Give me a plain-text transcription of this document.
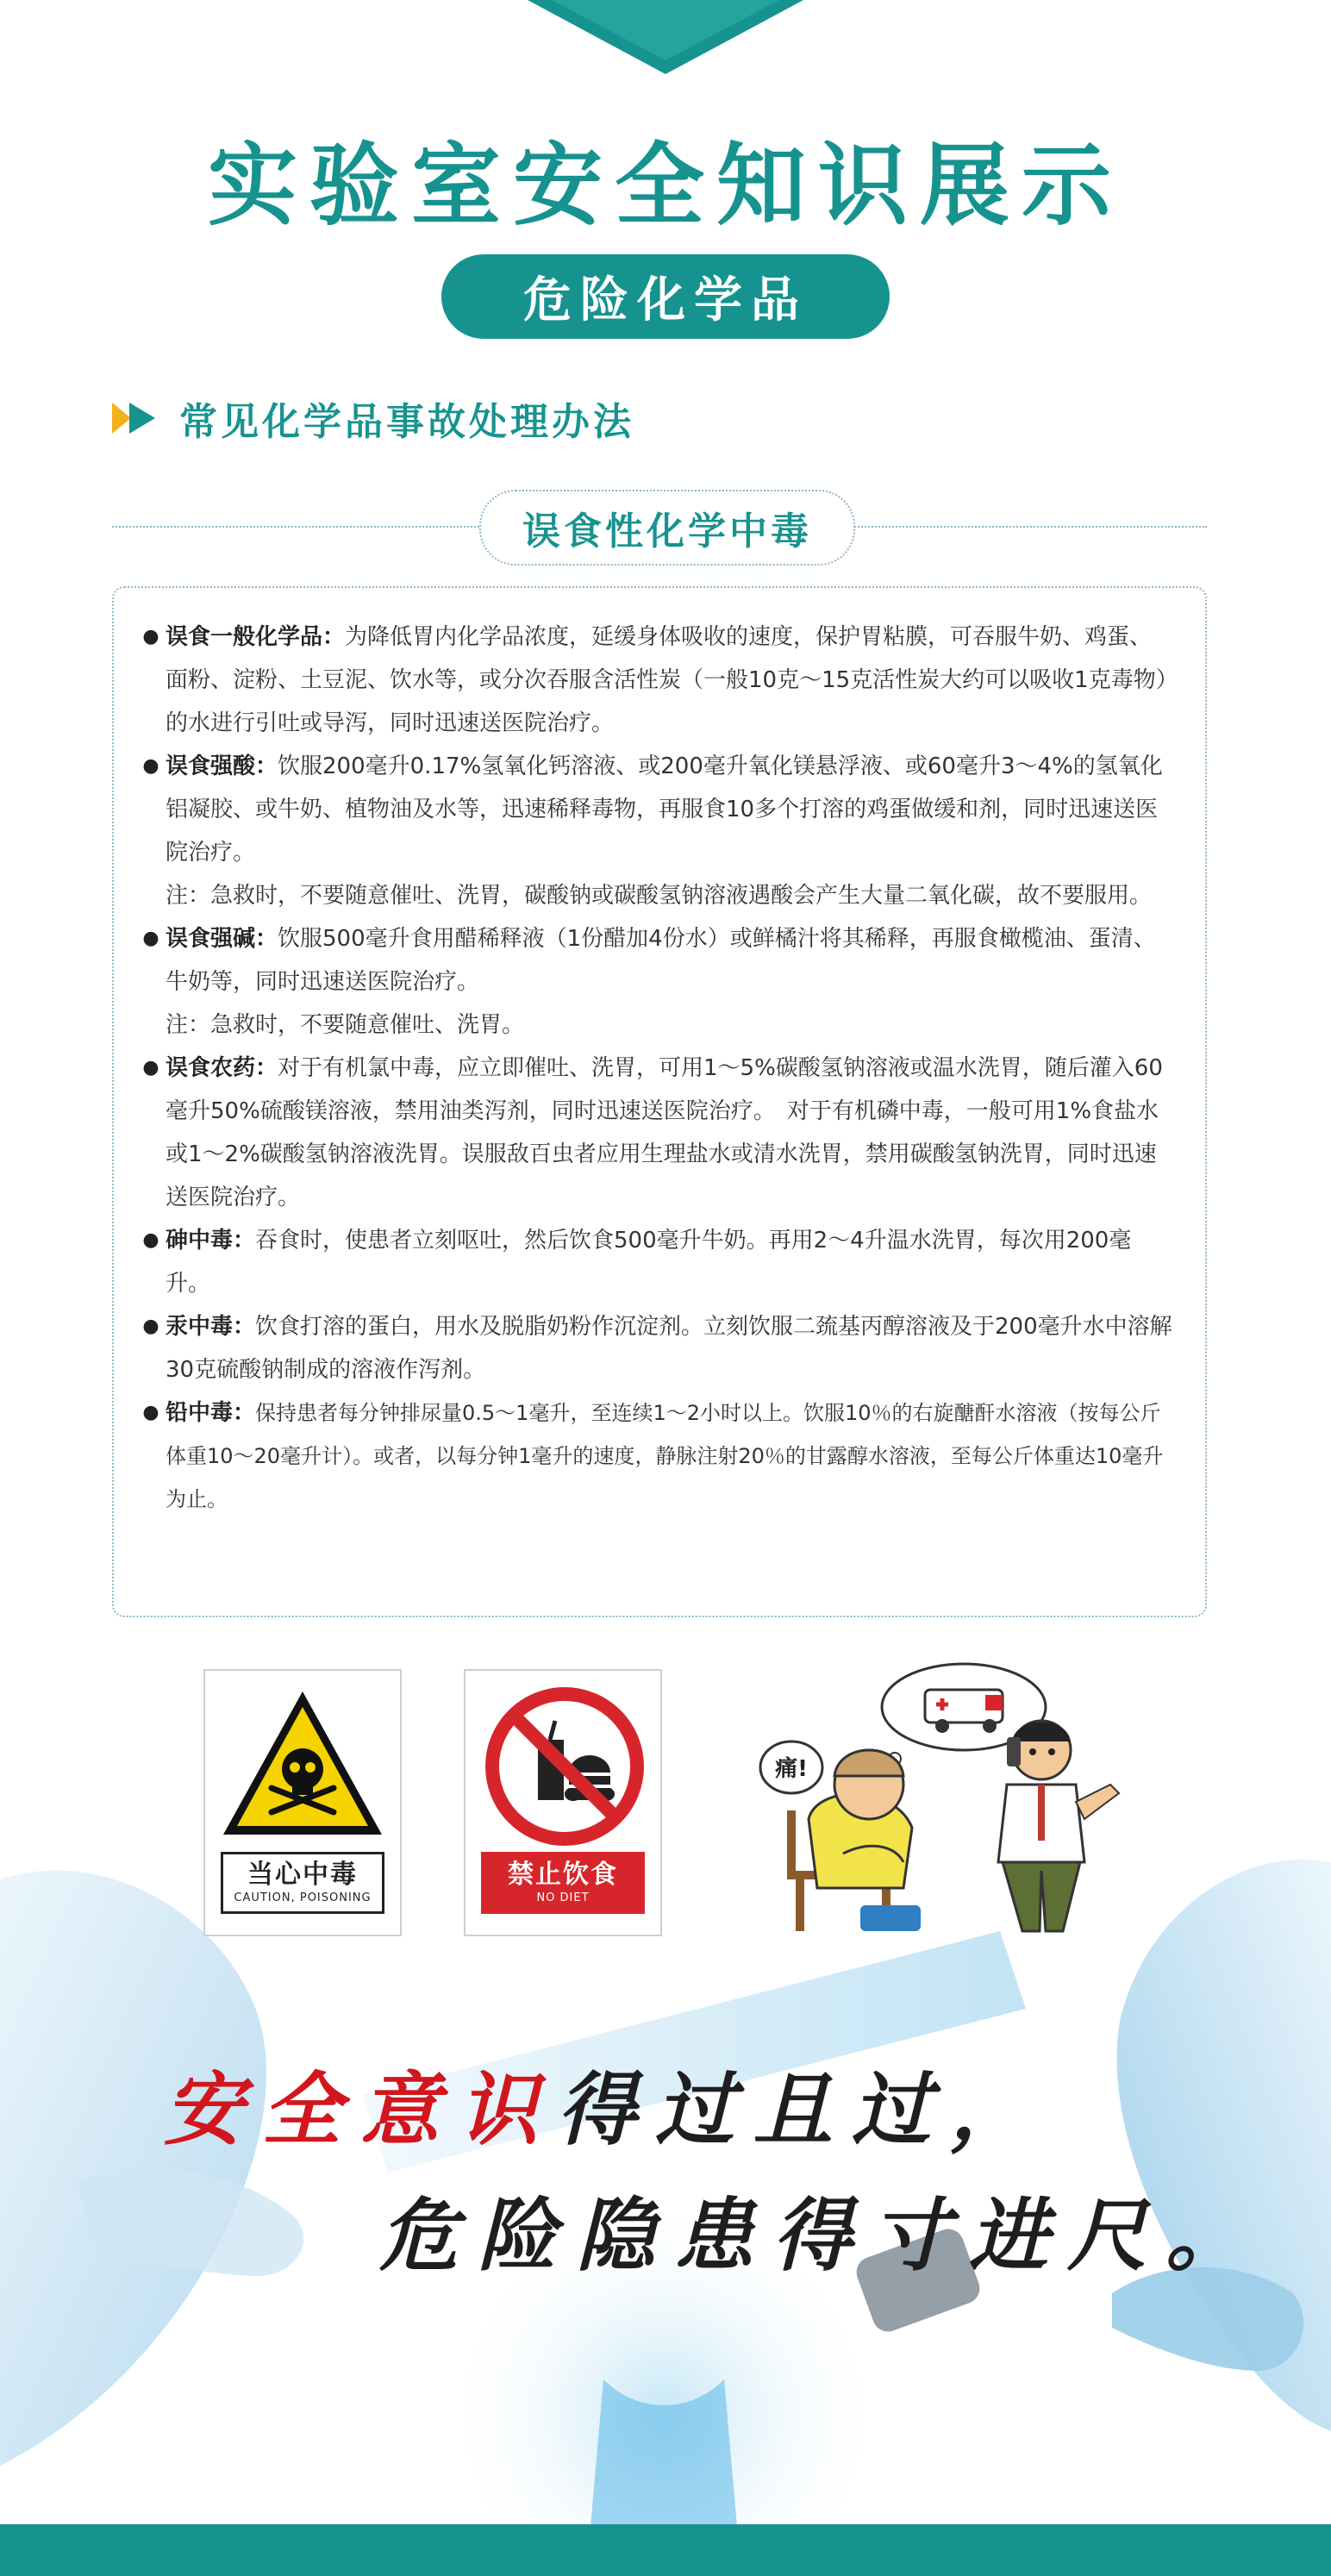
实验室安全知识展示
危险化学品
常见化学品事故处理办法
误食性化学中毒
● 误食一般化学品：为降低胃内化学品浓度，延缓身体吸收的速度，保护胃粘膜，可吞服牛奶、鸡蛋、面粉、淀粉、土豆泥、饮水等，或分次吞服含活性炭（一般10克～15克活性炭大约可以吸收1克毒物）的水进行引吐或导泻，同时迅速送医院治疗。
● 误食强酸：饮服200毫升0.17%氢氧化钙溶液、或200毫升氧化镁悬浮液、或60毫升3～4%的氢氧化铝凝胶、或牛奶、植物油及水等，迅速稀释毒物，再服食10多个打溶的鸡蛋做缓和剂，同时迅速送医院治疗。
注：急救时，不要随意催吐、洗胃，碳酸钠或碳酸氢钠溶液遇酸会产生大量二氧化碳，故不要服用。
● 误食强碱：饮服500毫升食用醋稀释液（1份醋加4份水）或鲜橘汁将其稀释，再服食橄榄油、蛋清、牛奶等，同时迅速送医院治疗。
注：急救时，不要随意催吐、洗胃。
● 误食农药：对于有机氯中毒，应立即催吐、洗胃，可用1～5%碳酸氢钠溶液或温水洗胃，随后灌入60毫升50%硫酸镁溶液，禁用油类泻剂，同时迅速送医院治疗。　对于有机磷中毒，一般可用1%食盐水或1～2%碳酸氢钠溶液洗胃。误服敌百虫者应用生理盐水或清水洗胃，禁用碳酸氢钠洗胃，同时迅速送医院治疗。
● 砷中毒：吞食时，使患者立刻呕吐，然后饮食500毫升牛奶。再用2～4升温水洗胃，每次用200毫升。
● 汞中毒：饮食打溶的蛋白，用水及脱脂奶粉作沉淀剂。立刻饮服二巯基丙醇溶液及于200毫升水中溶解30克硫酸钠制成的溶液作泻剂。
● 铅中毒：保持患者每分钟排尿量0.5～1毫升，至连续1～2小时以上。饮服10％的右旋醣酐水溶液（按每公斤体重10～20毫升计）。或者，以每分钟1毫升的速度，静脉注射20％的甘露醇水溶液，至每公斤体重达10毫升为止。
当心中毒
CAUTION, POISONING
禁止饮食
NO DIET
痛!
安全意识得过且过，
危险隐患得寸进尺。
